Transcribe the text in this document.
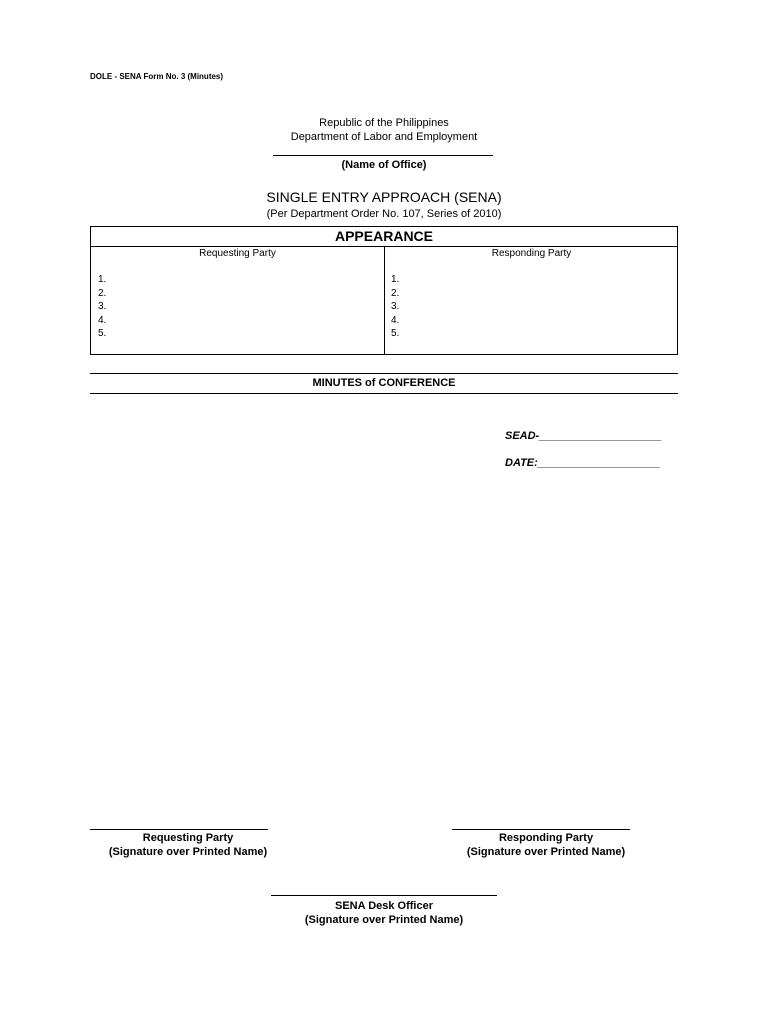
DOLE - SENA Form No. 3 (Minutes)
Republic of the Philippines
Department of Labor and Employment
(Name of Office)
SINGLE ENTRY APPROACH (SENA)
(Per Department Order No. 107, Series of 2010)
APPEARANCE
Requesting Party	Responding Party
1.
2.
3.
4.
5.
1.
2.
3.
4.
5.
MINUTES of CONFERENCE
SEAD-____________________
DATE:____________________
Requesting Party
(Signature over Printed Name)
Responding Party
(Signature over Printed Name)
SENA Desk Officer
(Signature over Printed Name)
